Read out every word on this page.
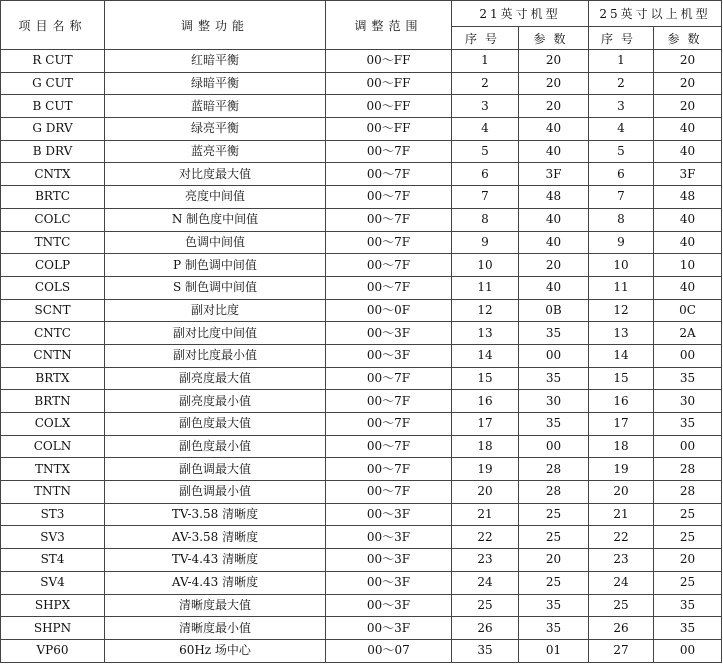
项目名称	调整功能	调整范围	21英寸机型		25英寸以上机型	
			序号	参数	序号	参数
R CUT	红暗平衡	00～FF	1	20	1	20
G CUT	绿暗平衡	00～FF	2	20	2	20
B CUT	蓝暗平衡	00～FF	3	20	3	20
G DRV	绿亮平衡	00～FF	4	40	4	40
B DRV	蓝亮平衡	00～7F	5	40	5	40
CNTX	对比度最大值	00～7F	6	3F	6	3F
BRTC	亮度中间值	00～7F	7	48	7	48
COLC	N 制色度中间值	00～7F	8	40	8	40
TNTC	色调中间值	00～7F	9	40	9	40
COLP	P 制色调中间值	00～7F	10	20	10	10
COLS	S 制色调中间值	00～7F	11	40	11	40
SCNT	副对比度	00～0F	12	0B	12	0C
CNTC	副对比度中间值	00～3F	13	35	13	2A
CNTN	副对比度最小值	00～3F	14	00	14	00
BRTX	副亮度最大值	00～7F	15	35	15	35
BRTN	副亮度最小值	00～7F	16	30	16	30
COLX	副色度最大值	00～7F	17	35	17	35
COLN	副色度最小值	00～7F	18	00	18	00
TNTX	副色调最大值	00～7F	19	28	19	28
TNTN	副色调最小值	00～7F	20	28	20	28
ST3	TV-3.58 清晰度	00～3F	21	25	21	25
SV3	AV-3.58 清晰度	00～3F	22	25	22	25
ST4	TV-4.43 清晰度	00～3F	23	20	23	20
SV4	AV-4.43 清晰度	00～3F	24	25	24	25
SHPX	清晰度最大值	00～3F	25	35	25	35
SHPN	清晰度最小值	00～3F	26	35	26	35
VP60	60Hz 场中心	00～07	35	01	27	00
